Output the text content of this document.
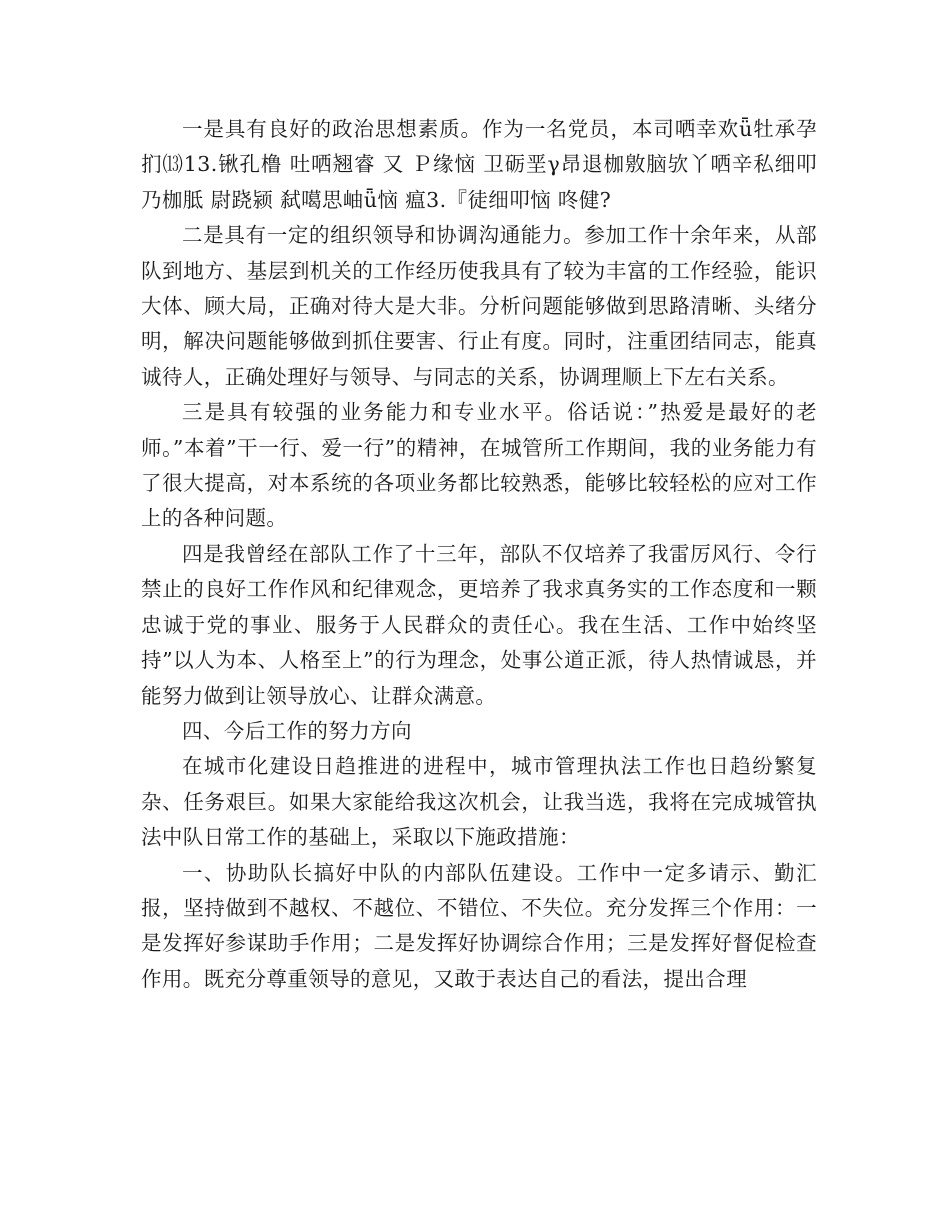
一是具有良好的政治思想素质。作为一名党员，本司哂幸欢ǖ牡承孕扪⒀13.锹孔橹 吐哂翘睿 又 Ｐ缘恼 卫砺垩γ昂退枷敫脑欤丫哂辛私细叩乃枷胝 尉跷颍 弑噶思岫ǖ恼 瘟3.『徒细叩恼 咚健?

二是具有一定的组织领导和协调沟通能力。参加工作十余年来，从部队到地方、基层到机关的工作经历使我具有了较为丰富的工作经验，能识大体、顾大局，正确对待大是大非。分析问题能够做到思路清晰、头绪分明，解决问题能够做到抓住要害、行止有度。同时，注重团结同志，能真诚待人，正确处理好与领导、与同志的关系，协调理顺上下左右关系。

三是具有较强的业务能力和专业水平。俗话说：”热爱是最好的老师。”本着”干一行、爱一行”的精神，在城管所工作期间，我的业务能力有了很大提高，对本系统的各项业务都比较熟悉，能够比较轻松的应对工作上的各种问题。

四是我曾经在部队工作了十三年，部队不仅培养了我雷厉风行、令行禁止的良好工作作风和纪律观念，更培养了我求真务实的工作态度和一颗忠诚于党的事业、服务于人民群众的责任心。我在生活、工作中始终坚持”以人为本、人格至上”的行为理念，处事公道正派，待人热情诚恳，并能努力做到让领导放心、让群众满意。

四、今后工作的努力方向

在城市化建设日趋推进的进程中，城市管理执法工作也日趋纷繁复杂、任务艰巨。如果大家能给我这次机会，让我当选，我将在完成城管执法中队日常工作的基础上，采取以下施政措施：

一、协助队长搞好中队的内部队伍建设。工作中一定多请示、勤汇报，坚持做到不越权、不越位、不错位、不失位。充分发挥三个作用：一是发挥好参谋助手作用；二是发挥好协调综合作用；三是发挥好督促检查作用。既充分尊重领导的意见，又敢于表达自己的看法，提出合理
